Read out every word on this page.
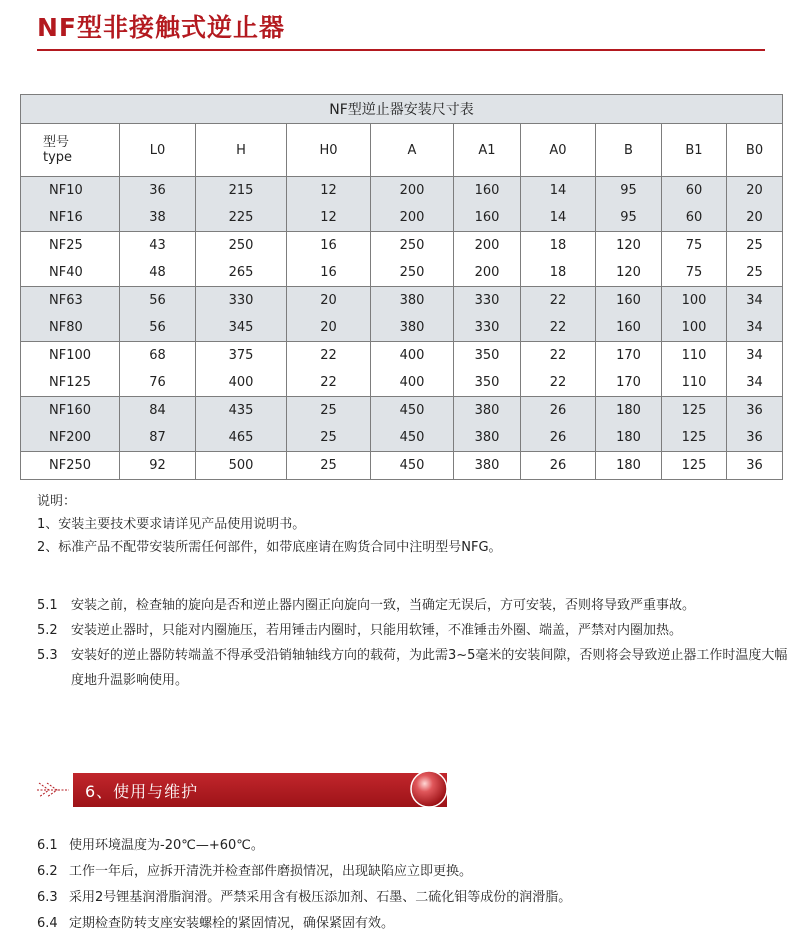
NF型非接触式逆止器
NF型逆止器安装尺寸表									

型号
type	L0	H	H0	A	A1	A0	B	B1	B0
NF10	36	215	12	200	160	14	95	60	20
NF16	38	225	12	200	160	14	95	60	20
NF25	43	250	16	250	200	18	120	75	25
NF40	48	265	16	250	200	18	120	75	25
NF63	56	330	20	380	330	22	160	100	34
NF80	56	345	20	380	330	22	160	100	34
NF100	68	375	22	400	350	22	170	110	34
NF125	76	400	22	400	350	22	170	110	34
NF160	84	435	25	450	380	26	180	125	36
NF200	87	465	25	450	380	26	180	125	36
NF250	92	500	25	450	380	26	180	125	36
说明：
1、安装主要技术要求请详见产品使用说明书。
2、标准产品不配带安装所需任何部件，如带底座请在购货合同中注明型号NFG。
5.1	安装之前，检查轴的旋向是否和逆止器内圈正向旋向一致，当确定无误后，方可安装，否则将导致严重事故。
5.2	安装逆止器时，只能对内圈施压，若用锤击内圈时，只能用软锤，不准锤击外圈、端盖，严禁对内圈加热。
5.3	安装好的逆止器防转端盖不得承受沿销轴轴线方向的载荷，为此需3~5毫米的安装间隙，否则将会导致逆止器工作时温度大幅度地升温影响使用。
6、使用与维护
6.1 使用环境温度为-20℃—+60℃。
6.2 工作一年后，应拆开清洗并检查部件磨损情况，出现缺陷应立即更换。
6.3 采用2号锂基润滑脂润滑。严禁采用含有极压添加剂、石墨、二硫化钼等成份的润滑脂。
6.4 定期检查防转支座安装螺栓的紧固情况，确保紧固有效。
